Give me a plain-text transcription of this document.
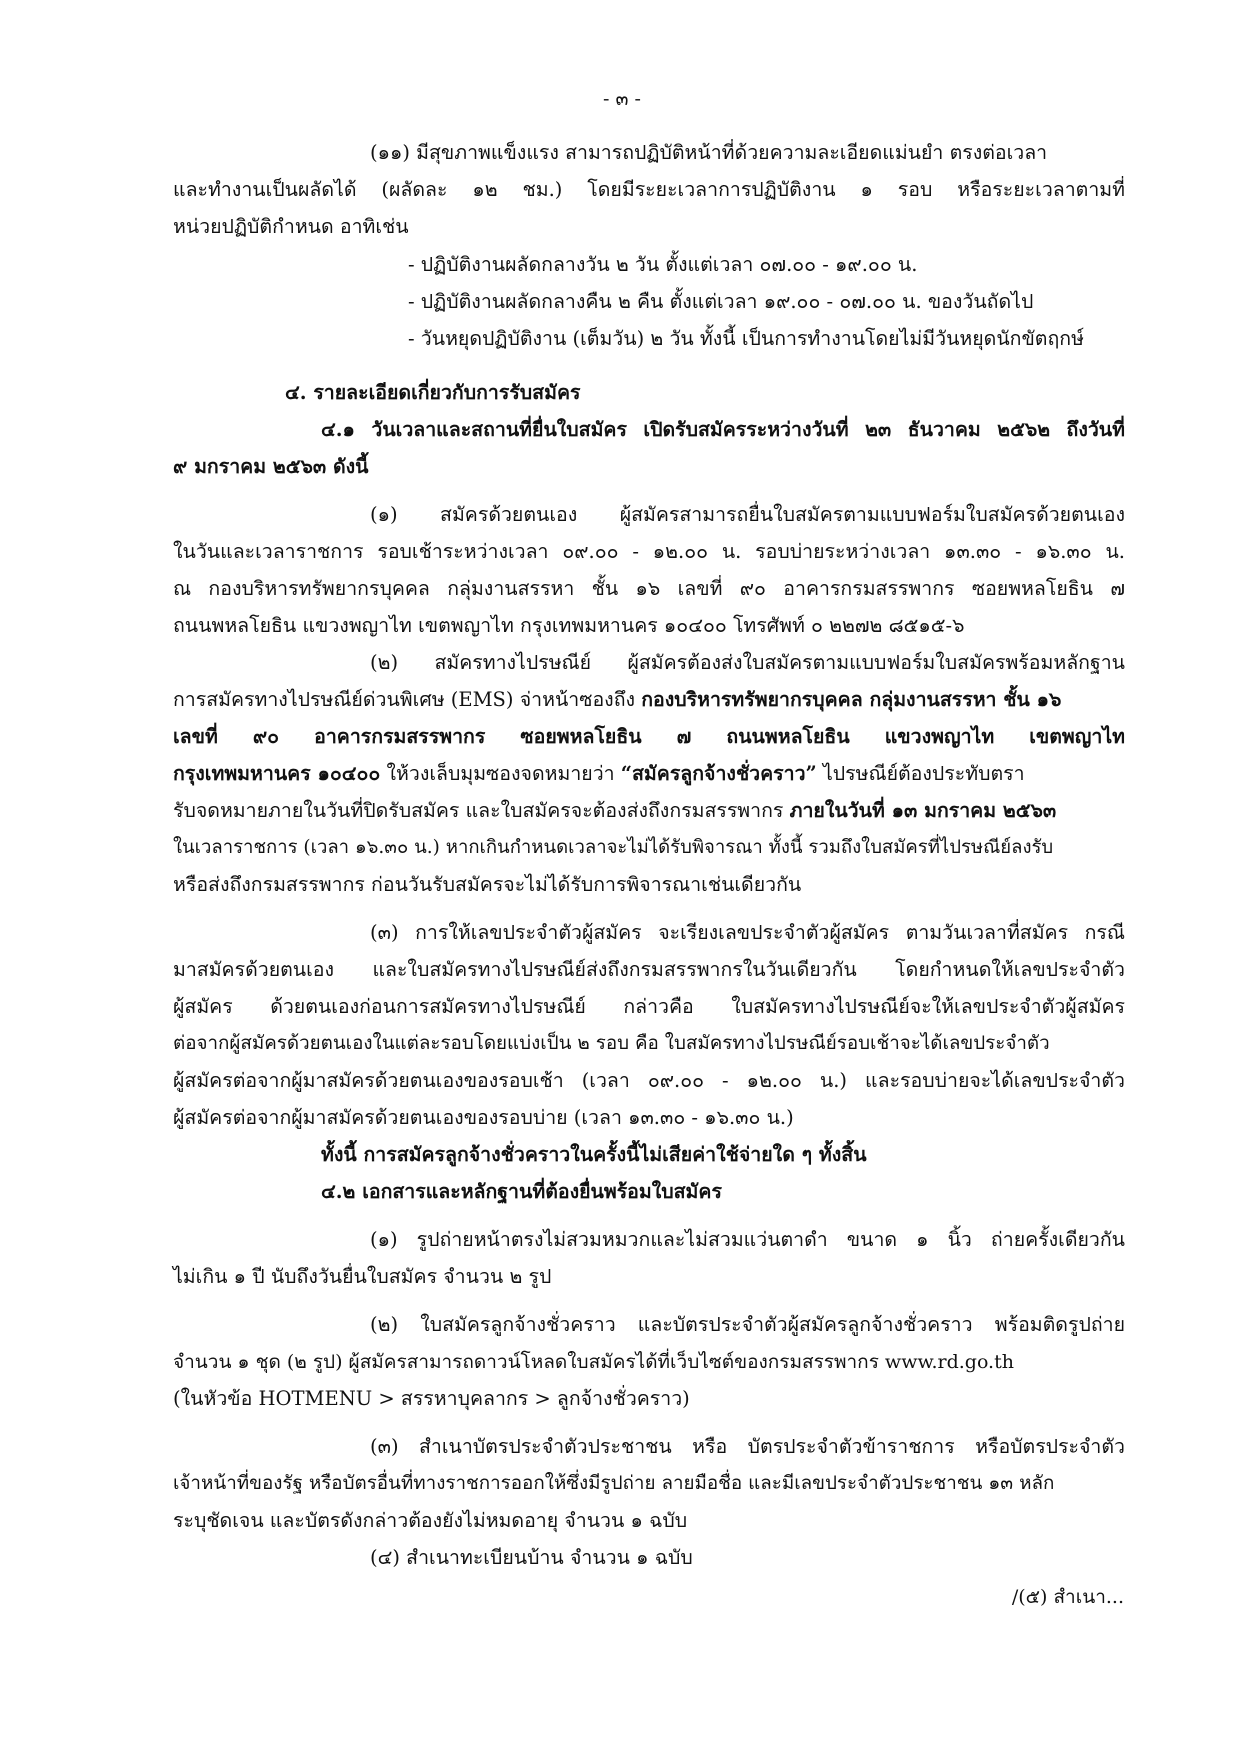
- ๓ -
(๑๑) มีสุขภาพแข็งแรง สามารถปฏิบัติหน้าที่ด้วยความละเอียดแม่นยำ ตรงต่อเวลา
และทำงานเป็นผลัดได้ (ผลัดละ ๑๒ ชม.) โดยมีระยะเวลาการปฏิบัติงาน ๑ รอบ หรือระยะเวลาตามที่
หน่วยปฏิบัติกำหนด อาทิเช่น
- ปฏิบัติงานผลัดกลางวัน ๒ วัน ตั้งแต่เวลา ๐๗.๐๐ - ๑๙.๐๐ น.
- ปฏิบัติงานผลัดกลางคืน ๒ คืน ตั้งแต่เวลา ๑๙.๐๐ - ๐๗.๐๐ น. ของวันถัดไป
- วันหยุดปฏิบัติงาน (เต็มวัน) ๒ วัน ทั้งนี้ เป็นการทำงานโดยไม่มีวันหยุดนักขัตฤกษ์
๔. รายละเอียดเกี่ยวกับการรับสมัคร
๔.๑ วันเวลาและสถานที่ยื่นใบสมัคร เปิดรับสมัครระหว่างวันที่ ๒๓ ธันวาคม ๒๕๖๒ ถึงวันที่
๙ มกราคม ๒๕๖๓ ดังนี้
(๑) สมัครด้วยตนเอง ผู้สมัครสามารถยื่นใบสมัครตามแบบฟอร์มใบสมัครด้วยตนเอง
ในวันและเวลาราชการ รอบเช้าระหว่างเวลา ๐๙.๐๐ - ๑๒.๐๐ น. รอบบ่ายระหว่างเวลา ๑๓.๓๐ - ๑๖.๓๐ น.
ณ กองบริหารทรัพยากรบุคคล กลุ่มงานสรรหา ชั้น ๑๖ เลขที่ ๙๐ อาคารกรมสรรพากร ซอยพหลโยธิน ๗
ถนนพหลโยธิน แขวงพญาไท เขตพญาไท กรุงเทพมหานคร ๑๐๔๐๐ โทรศัพท์ ๐ ๒๒๗๒ ๘๕๑๕-๖
(๒) สมัครทางไปรษณีย์ ผู้สมัครต้องส่งใบสมัครตามแบบฟอร์มใบสมัครพร้อมหลักฐาน
การสมัครทางไปรษณีย์ด่วนพิเศษ (EMS) จ่าหน้าซองถึง กองบริหารทรัพยากรบุคคล กลุ่มงานสรรหา ชั้น ๑๖
เลขที่ ๙๐ อาคารกรมสรรพากร ซอยพหลโยธิน ๗ ถนนพหลโยธิน แขวงพญาไท เขตพญาไท
กรุงเทพมหานคร ๑๐๔๐๐ ให้วงเล็บมุมซองจดหมายว่า “สมัครลูกจ้างชั่วคราว” ไปรษณีย์ต้องประทับตรา
รับจดหมายภายในวันที่ปิดรับสมัคร และใบสมัครจะต้องส่งถึงกรมสรรพากร ภายในวันที่ ๑๓ มกราคม ๒๕๖๓
ในเวลาราชการ (เวลา ๑๖.๓๐ น.) หากเกินกำหนดเวลาจะไม่ได้รับพิจารณา ทั้งนี้ รวมถึงใบสมัครที่ไปรษณีย์ลงรับ
หรือส่งถึงกรมสรรพากร ก่อนวันรับสมัครจะไม่ได้รับการพิจารณาเช่นเดียวกัน
(๓) การให้เลขประจำตัวผู้สมัคร จะเรียงเลขประจำตัวผู้สมัคร ตามวันเวลาที่สมัคร กรณี
มาสมัครด้วยตนเอง และใบสมัครทางไปรษณีย์ส่งถึงกรมสรรพากรในวันเดียวกัน โดยกำหนดให้เลขประจำตัว
ผู้สมัคร ด้วยตนเองก่อนการสมัครทางไปรษณีย์ กล่าวคือ ใบสมัครทางไปรษณีย์จะให้เลขประจำตัวผู้สมัคร
ต่อจากผู้สมัครด้วยตนเองในแต่ละรอบโดยแบ่งเป็น ๒ รอบ คือ ใบสมัครทางไปรษณีย์รอบเช้าจะได้เลขประจำตัว
ผู้สมัครต่อจากผู้มาสมัครด้วยตนเองของรอบเช้า (เวลา ๐๙.๐๐ - ๑๒.๐๐ น.) และรอบบ่ายจะได้เลขประจำตัว
ผู้สมัครต่อจากผู้มาสมัครด้วยตนเองของรอบบ่าย (เวลา ๑๓.๓๐ - ๑๖.๓๐ น.)
ทั้งนี้ การสมัครลูกจ้างชั่วคราวในครั้งนี้ไม่เสียค่าใช้จ่ายใด ๆ ทั้งสิ้น
๔.๒ เอกสารและหลักฐานที่ต้องยื่นพร้อมใบสมัคร
(๑) รูปถ่ายหน้าตรงไม่สวมหมวกและไม่สวมแว่นตาดำ ขนาด ๑ นิ้ว ถ่ายครั้งเดียวกัน
ไม่เกิน ๑ ปี นับถึงวันยื่นใบสมัคร จำนวน ๒ รูป
(๒) ใบสมัครลูกจ้างชั่วคราว และบัตรประจำตัวผู้สมัครลูกจ้างชั่วคราว พร้อมติดรูปถ่าย
จำนวน ๑ ชุด (๒ รูป) ผู้สมัครสามารถดาวน์โหลดใบสมัครได้ที่เว็บไซต์ของกรมสรรพากร www.rd.go.th
(ในหัวข้อ HOTMENU > สรรหาบุคลากร > ลูกจ้างชั่วคราว)
(๓) สำเนาบัตรประจำตัวประชาชน หรือ บัตรประจำตัวข้าราชการ หรือบัตรประจำตัว
เจ้าหน้าที่ของรัฐ หรือบัตรอื่นที่ทางราชการออกให้ซึ่งมีรูปถ่าย ลายมือชื่อ และมีเลขประจำตัวประชาชน ๑๓ หลัก
ระบุชัดเจน และบัตรดังกล่าวต้องยังไม่หมดอายุ จำนวน ๑ ฉบับ
(๔) สำเนาทะเบียนบ้าน จำนวน ๑ ฉบับ
/(๕) สำเนา...
